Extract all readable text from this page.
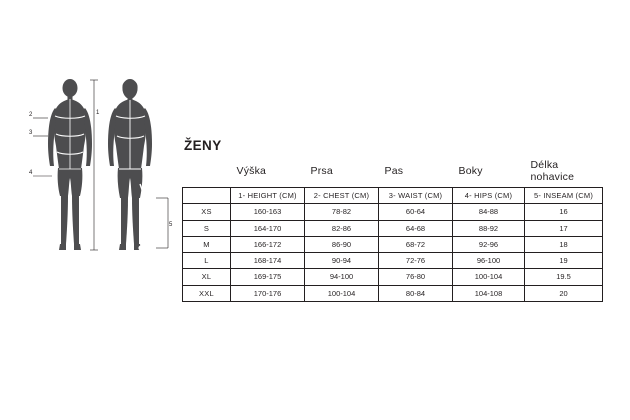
1
2
3
4
5
ŽENY
	Výška	Prsa	Pas	Boky	Délka nohavice
	1- HEIGHT (CM)	2- CHEST (CM)	3- WAIST (CM)	4- HIPS (CM)	5- INSEAM (CM)
XS	160-163	78-82	60-64	84-88	16
S	164-170	82-86	64-68	88-92	17
M	166-172	86-90	68-72	92-96	18
L	168-174	90-94	72-76	96-100	19
XL	169-175	94-100	76-80	100-104	19.5
XXL	170-176	100-104	80-84	104-108	20
